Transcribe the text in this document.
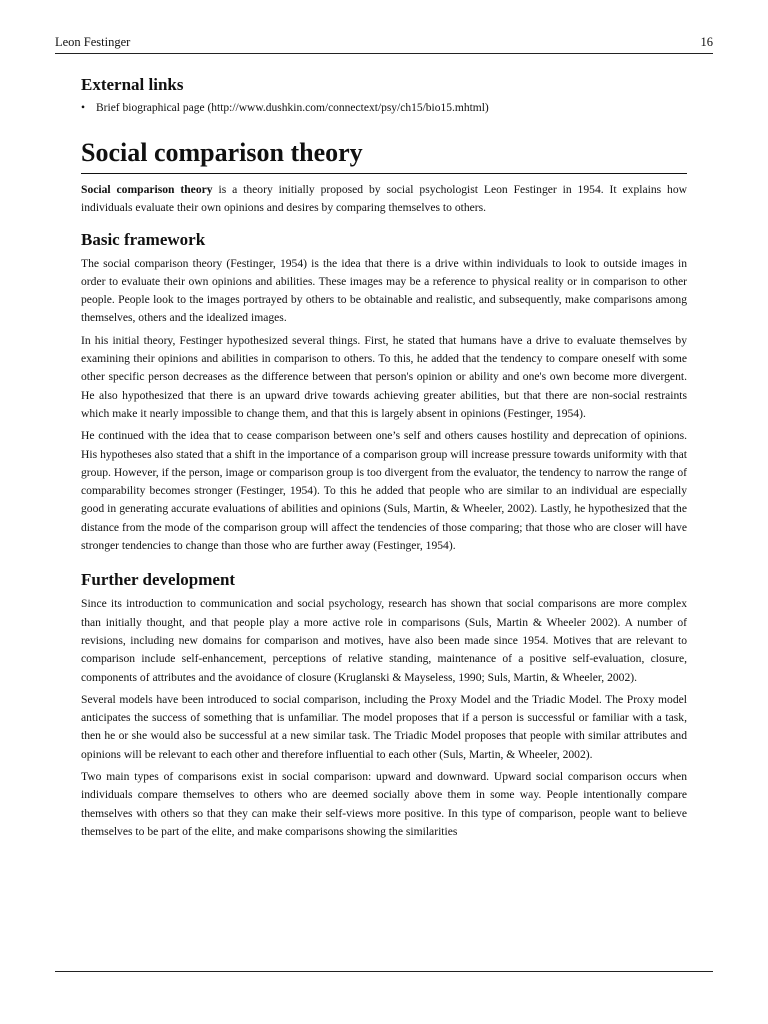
Leon Festinger	16
External links
• Brief biographical page (http://www.dushkin.com/connectext/psy/ch15/bio15.mhtml)
Social comparison theory

Social comparison theory is a theory initially proposed by social psychologist Leon Festinger in 1954. It explains how individuals evaluate their own opinions and desires by comparing themselves to others.

Basic framework

The social comparison theory (Festinger, 1954) is the idea that there is a drive within individuals to look to outside images in order to evaluate their own opinions and abilities. These images may be a reference to physical reality or in comparison to other people. People look to the images portrayed by others to be obtainable and realistic, and subsequently, make comparisons among themselves, others and the idealized images.

In his initial theory, Festinger hypothesized several things. First, he stated that humans have a drive to evaluate themselves by examining their opinions and abilities in comparison to others. To this, he added that the tendency to compare oneself with some other specific person decreases as the difference between that person's opinion or ability and one's own become more divergent. He also hypothesized that there is an upward drive towards achieving greater abilities, but that there are non-social restraints which make it nearly impossible to change them, and that this is largely absent in opinions (Festinger, 1954).

He continued with the idea that to cease comparison between one’s self and others causes hostility and deprecation of opinions. His hypotheses also stated that a shift in the importance of a comparison group will increase pressure towards uniformity with that group. However, if the person, image or comparison group is too divergent from the evaluator, the tendency to narrow the range of comparability becomes stronger (Festinger, 1954). To this he added that people who are similar to an individual are especially good in generating accurate evaluations of abilities and opinions (Suls, Martin, & Wheeler, 2002). Lastly, he hypothesized that the distance from the mode of the comparison group will affect the tendencies of those comparing; that those who are closer will have stronger tendencies to change than those who are further away (Festinger, 1954).

Further development

Since its introduction to communication and social psychology, research has shown that social comparisons are more complex than initially thought, and that people play a more active role in comparisons (Suls, Martin & Wheeler 2002). A number of revisions, including new domains for comparison and motives, have also been made since 1954. Motives that are relevant to comparison include self-enhancement, perceptions of relative standing, maintenance of a positive self-evaluation, closure, components of attributes and the avoidance of closure (Kruglanski & Mayseless, 1990; Suls, Martin, & Wheeler, 2002).

Several models have been introduced to social comparison, including the Proxy Model and the Triadic Model. The Proxy model anticipates the success of something that is unfamiliar. The model proposes that if a person is successful or familiar with a task, then he or she would also be successful at a new similar task. The Triadic Model proposes that people with similar attributes and opinions will be relevant to each other and therefore influential to each other (Suls, Martin, & Wheeler, 2002).

Two main types of comparisons exist in social comparison: upward and downward. Upward social comparison occurs when individuals compare themselves to others who are deemed socially above them in some way. People intentionally compare themselves with others so that they can make their self-views more positive. In this type of comparison, people want to believe themselves to be part of the elite, and make comparisons showing the similarities
